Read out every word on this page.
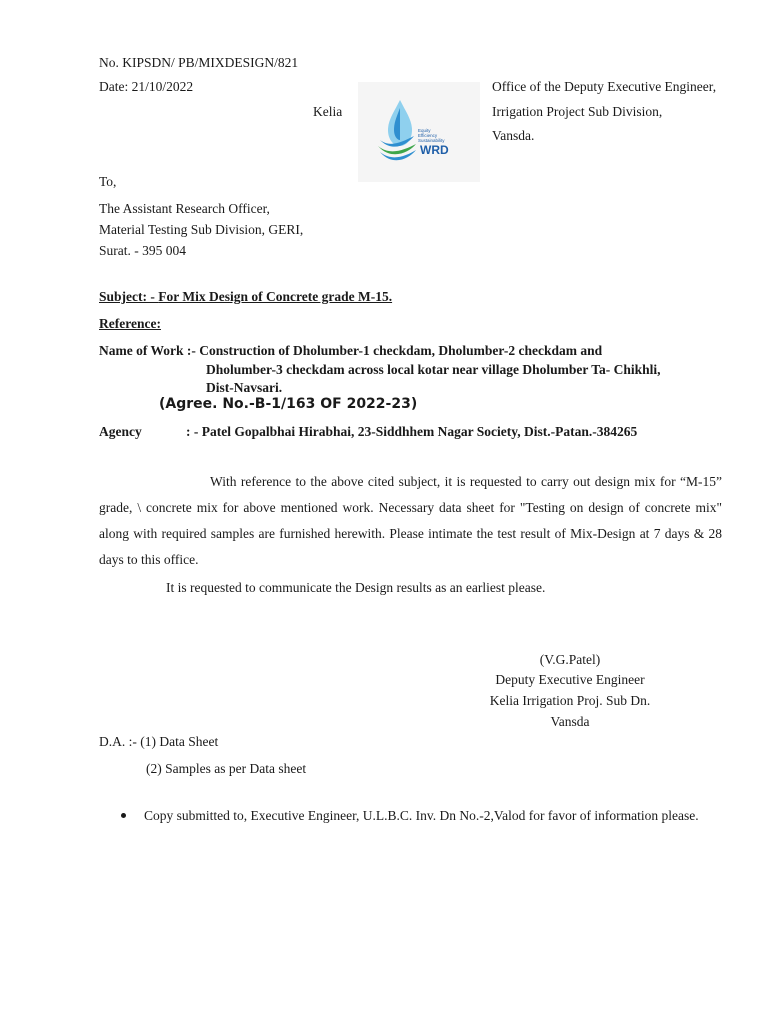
No. KIPSDN/ PB/MIXDESIGN/821
Date: 21/10/2022
Kelia
Office of the Deputy Executive Engineer,
Irrigation Project Sub Division,
Vansda.
Equity
Efficiency
Sustainability
WRD
To,
The Assistant Research Officer,
Material Testing Sub Division, GERI,
Surat. - 395 004
Subject: - For Mix Design of Concrete grade M-15.
Reference:
Name of Work :- Construction of Dholumber-1 checkdam, Dholumber-2 checkdam and
Dholumber-3 checkdam across local kotar near village Dholumber Ta- Chikhli,
Dist-Navsari.
(Agree. No.-B-1/163 OF 2022-23)
Agency	: - Patel Gopalbhai Hirabhai, 23-Siddhhem Nagar Society, Dist.-Patan.-384265
With reference to the above cited subject, it is requested to carry out design mix for “M-15” grade, \ concrete mix for above mentioned work. Necessary data sheet for "Testing on design of concrete mix" along with required samples are furnished herewith. Please intimate the test result of Mix-Design at 7 days & 28 days to this office.
It is requested to communicate the Design results as an earliest please.
(V.G.Patel)
Deputy Executive Engineer
Kelia Irrigation Proj. Sub Dn.
Vansda
D.A. :- (1) Data Sheet
(2) Samples as per Data sheet
Copy submitted to, Executive Engineer, U.L.B.C. Inv. Dn No.-2,Valod for favor of information please.
